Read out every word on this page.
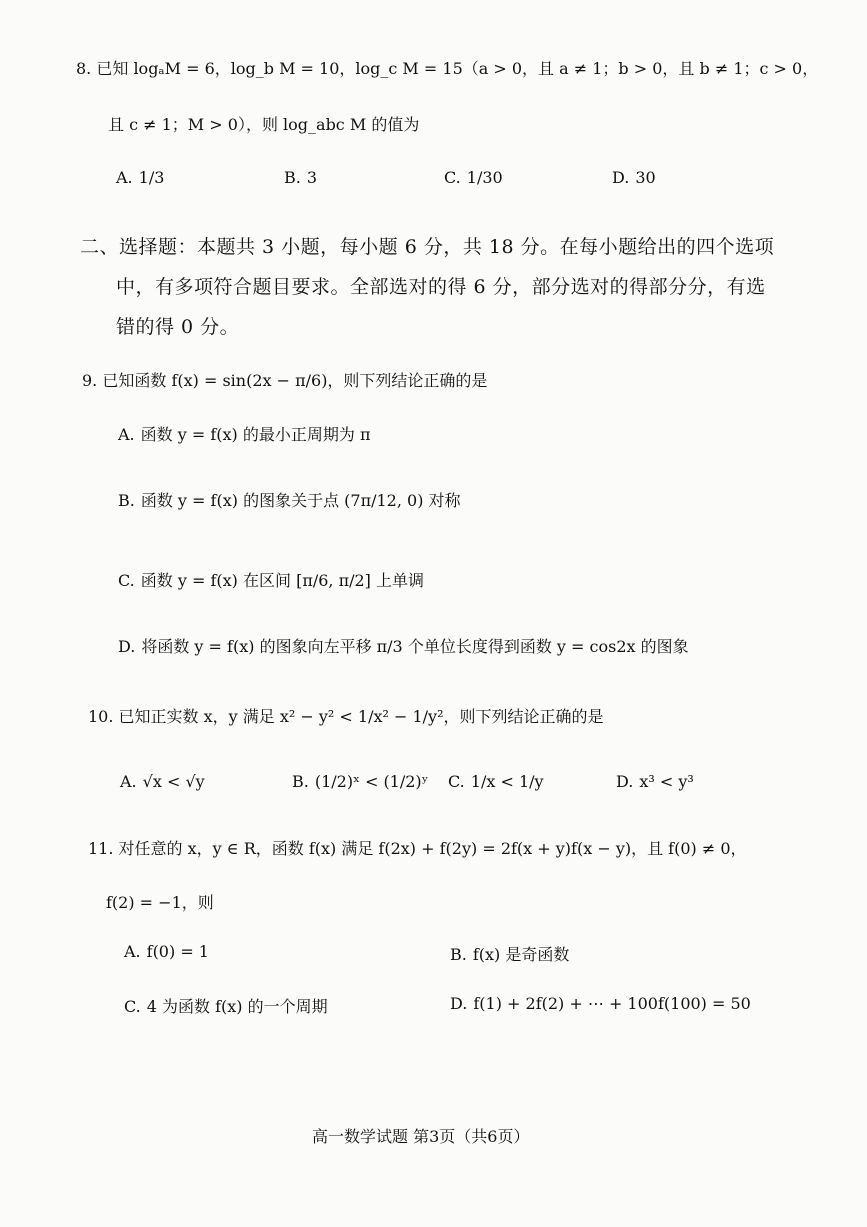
8. 已知 logₐM = 6，log_b M = 10，log_c M = 15（a > 0，且 a ≠ 1；b > 0，且 b ≠ 1；c > 0，
且 c ≠ 1；M > 0），则 log_abc M 的值为
A. 1/3	B. 3	C. 1/30	D. 30
二、选择题：本题共 3 小题，每小题 6 分，共 18 分。在每小题给出的四个选项
中，有多项符合题目要求。全部选对的得 6 分，部分选对的得部分分，有选
错的得 0 分。
9. 已知函数 f(x) = sin(2x − π/6)，则下列结论正确的是
A. 函数 y = f(x) 的最小正周期为 π
B. 函数 y = f(x) 的图象关于点 (7π/12, 0) 对称
C. 函数 y = f(x) 在区间 [π/6, π/2] 上单调
D. 将函数 y = f(x) 的图象向左平移 π/3 个单位长度得到函数 y = cos2x 的图象
10. 已知正实数 x，y 满足 x² − y² < 1/x² − 1/y²，则下列结论正确的是
A. √x < √y	B. (1/2)ˣ < (1/2)ʸ C. 1/x < 1/y	D. x³ < y³
11. 对任意的 x，y ∈ R，函数 f(x) 满足 f(2x) + f(2y) = 2f(x + y)f(x − y)，且 f(0) ≠ 0，
f(2) = −1，则
A. f(0) = 1	B. f(x) 是奇函数
C. 4 为函数 f(x) 的一个周期	D. f(1) + 2f(2) + ⋯ + 100f(100) = 50
高一数学试题 第3页（共6页）
